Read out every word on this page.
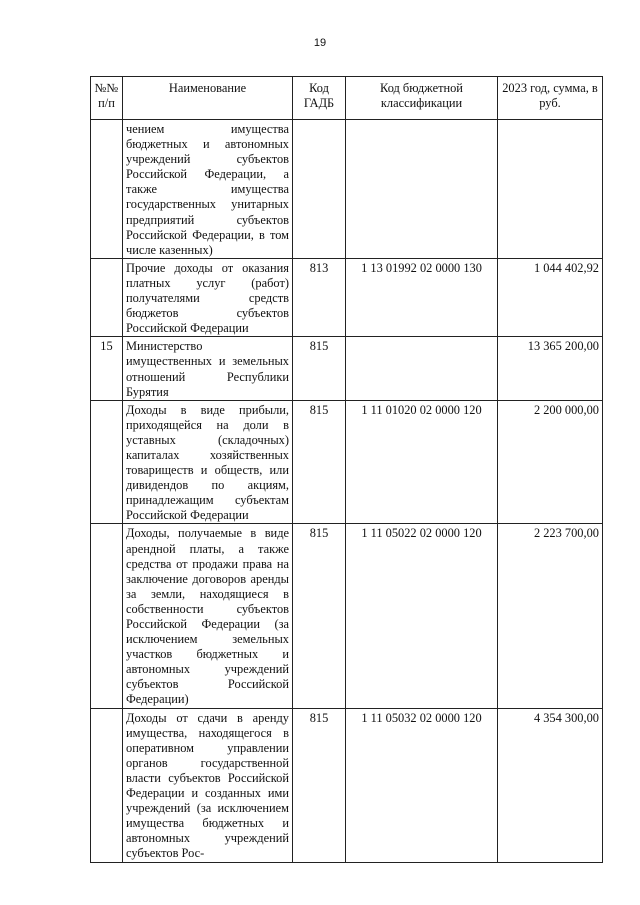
19
№№ п/п	Наименование	Код ГАДБ	Код бюджетной классификации	2023 год, сумма, в руб.
	чением имущества бюджетных и автономных учреждений субъектов Российской Федерации, а также имущества государственных унитарных предприятий субъектов Российской Федерации, в том числе казенных)			
	Прочие доходы от оказания платных услуг (работ) получателями средств бюджетов субъектов Российской Федерации	813	1 13 01992 02 0000 130	1 044 402,92
15	Министерство имущественных и земельных отношений Республики Бурятия	815		13 365 200,00
	Доходы в виде прибыли, приходящейся на доли в уставных (складочных) капиталах хозяйственных товариществ и обществ, или дивидендов по акциям, принадлежащим субъектам Российской Федерации	815	1 11 01020 02 0000 120	2 200 000,00
	Доходы, получаемые в виде арендной платы, а также средства от продажи права на заключение договоров аренды за земли, находящиеся в собственности субъектов Российской Федерации (за исключением земельных участков бюджетных и автономных учреждений субъектов Российской Федерации)	815	1 11 05022 02 0000 120	2 223 700,00
	Доходы от сдачи в аренду имущества, находящегося в оперативном управлении органов государственной власти субъектов Российской Федерации и созданных ими учреждений (за исключением имущества бюджетных и автономных учреждений субъектов Рос-	815	1 11 05032 02 0000 120	4 354 300,00
